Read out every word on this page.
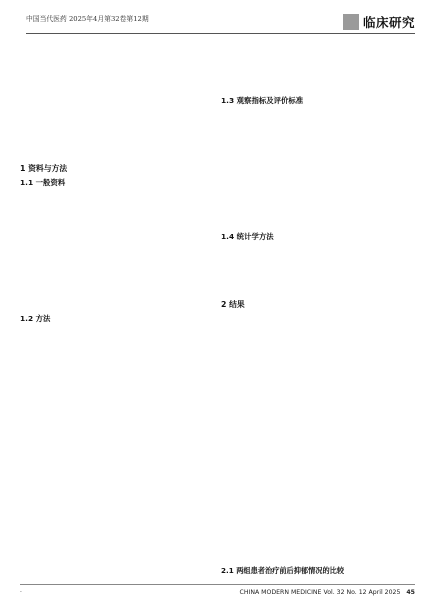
中国当代医药 2025年4月第32卷第12期	临床研究
1 资料与方法
1.1 一般资料
1.2 方法
1.3 观察指标及评价标准
1.4 统计学方法
2 结果
2.1 两组患者治疗前后抑郁情况的比较
·	CHINA MODERN MEDICINE Vol. 32 No. 12 April 2025 45
